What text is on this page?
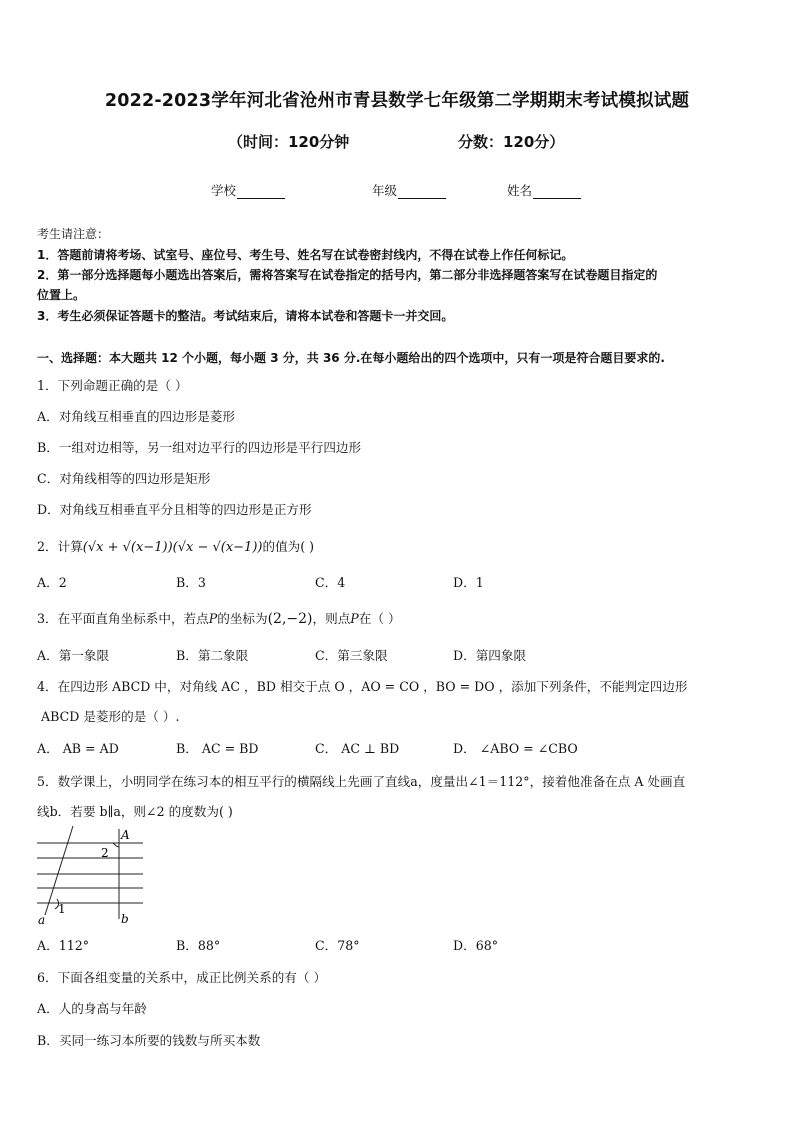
2022-2023学年河北省沧州市青县数学七年级第二学期期末考试模拟试题
（时间：120分钟	分数：120分）
学校	年级	姓名
考生请注意：
1．答题前请将考场、试室号、座位号、考生号、姓名写在试卷密封线内，不得在试卷上作任何标记。
2．第一部分选择题每小题选出答案后，需将答案写在试卷指定的括号内，第二部分非选择题答案写在试卷题目指定的
位置上。
3．考生必须保证答题卡的整洁。考试结束后，请将本试卷和答题卡一并交回。
一、选择题：本大题共 12 个小题，每小题 3 分，共 36 分.在每小题给出的四个选项中，只有一项是符合题目要求的.
1．下列命题正确的是（ ）
A．对角线互相垂直的四边形是菱形
B．一组对边相等，另一组对边平行的四边形是平行四边形
C．对角线相等的四边形是矩形
D．对角线互相垂直平分且相等的四边形是正方形
2．计算(√x + √(x−1))(√x − √(x−1))的值为( )
A．2	B．3	C．4	D．1
3．在平面直角坐标系中，若点P的坐标为(2,−2)，则点P在（ ）
A．第一象限	B．第二象限	C．第三象限	D．第四象限
4．在四边形 ABCD 中，对角线 AC ，BD 相交于点 O ，AO = CO ，BO = DO ，添加下列条件，不能判定四边形
ABCD 是菱形的是（ ）.
A． AB = AD	B． AC = BD	C． AC ⊥ BD	D． ∠ABO = ∠CBO
5．数学课上，小明同学在练习本的相互平行的横隔线上先画了直线a，度量出∠1＝112°，接着他准备在点 A 处画直
线b．若要 b∥a，则∠2 的度数为( )
a	b
A
1
2
A．112°	B．88°	C．78°	D．68°
6．下面各组变量的关系中，成正比例关系的有（ ）
A．人的身高与年龄
B．买同一练习本所要的钱数与所买本数
